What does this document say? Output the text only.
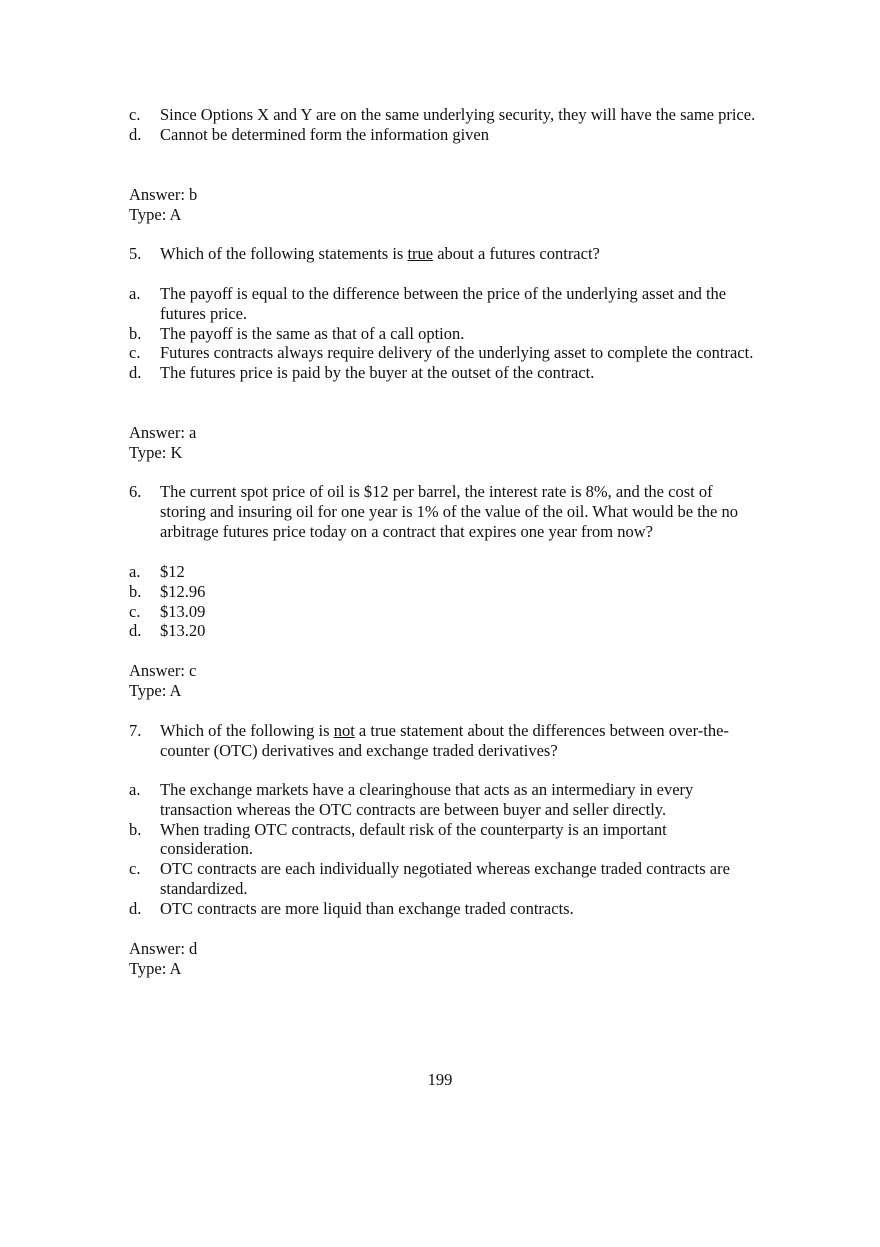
c. Since Options X and Y are on the same underlying security, they will have the same price.
d. Cannot be determined form the information given
Answer: b
Type: A
5. Which of the following statements is true about a futures contract?
a. The payoff is equal to the difference between the price of the underlying asset and the futures price.
b. The payoff is the same as that of a call option.
c. Futures contracts always require delivery of the underlying asset to complete the contract.
d. The futures price is paid by the buyer at the outset of the contract.
Answer: a
Type: K
6. The current spot price of oil is $12 per barrel, the interest rate is 8%, and the cost of storing and insuring oil for one year is 1% of the value of the oil. What would be the no arbitrage futures price today on a contract that expires one year from now?
a. $12
b. $12.96
c. $13.09
d. $13.20
Answer: c
Type: A
7. Which of the following is not a true statement about the differences between over-the-counter (OTC) derivatives and exchange traded derivatives?
a. The exchange markets have a clearinghouse that acts as an intermediary in every transaction whereas the OTC contracts are between buyer and seller directly.
b. When trading OTC contracts, default risk of the counterparty is an important consideration.
c. OTC contracts are each individually negotiated whereas exchange traded contracts are standardized.
d. OTC contracts are more liquid than exchange traded contracts.
Answer: d
Type: A
199
